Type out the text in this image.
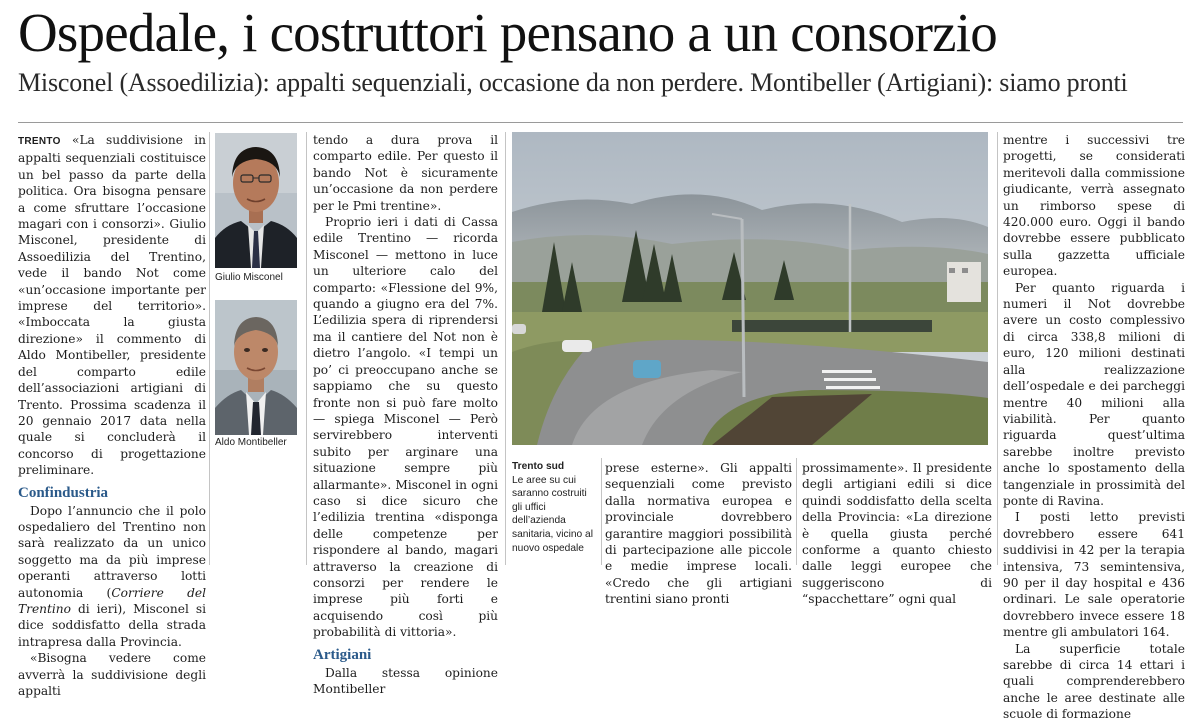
Ospedale, i costruttori pensano a un consorzio
Misconel (Assoedilizia): appalti sequenziali, occasione da non perdere. Montibeller (Artigiani): siamo pronti

TRENTO «La suddivisione in appalti sequenziali costituisce un bel passo da parte della politica. Ora bisogna pensare a come sfruttare l’occasione magari con i consorzi». Giulio Misconel, presidente di Assoedilizia del Trentino, vede il bando Not come «un’occasione importante per imprese del territorio». «Imboccata la giusta direzione» il commento di Aldo Montibeller, presidente del comparto edile dell’associazioni artigiani di Trento. Prossima scadenza il 20 gennaio 2017 data nella quale si concluderà il concorso di progettazione preliminare.

Confindustria

Dopo l’annuncio che il polo ospedaliero del Trentino non sarà realizzato da un unico soggetto ma da più imprese operanti attraverso lotti autonomia (Corriere del Trentino di ieri), Misconel si dice soddisfatto della strada intrapresa dalla Provincia.

«Bisogna vedere come avverrà la suddivisione degli appalti

Giulio Misconel
Aldo Montibeller

tendo a dura prova il comparto edile. Per questo il bando Not è sicuramente un’occasione da non perdere per le Pmi trentine».

Proprio ieri i dati di Cassa edile Trentino — ricorda Misconel — mettono in luce un ulteriore calo del comparto: «Flessione del 9%, quando a giugno era del 7%. L’edilizia spera di riprendersi ma il cantiere del Not non è dietro l’angolo. «I tempi un po’ ci preoccupano anche se sappiamo che su questo fronte non si può fare molto — spiega Misconel — Però servirebbero interventi subito per arginare una situazione sempre più allarmante». Misconel in ogni caso si dice sicuro che l’edilizia trentina «disponga delle competenze per rispondere al bando, magari attraverso la creazione di consorzi per rendere le imprese più forti e acquisendo così più probabilità di vittoria».

Artigiani

Dalla stessa opinione Montibeller

Trento sud
Le aree su cui saranno costruiti gli uffici dell’azienda sanitaria, vicino al nuovo ospedale

prese esterne». Gli appalti sequenziali come previsto dalla normativa europea e provinciale dovrebbero garantire maggiori possibilità di partecipazione alle piccole e medie imprese locali. «Credo che gli artigiani trentini siano pronti

prossimamente». Il presidente degli artigiani edili si dice quindi soddisfatto della scelta della Provincia: «La direzione è quella giusta perché conforme a quanto chiesto dalle leggi europee che suggeriscono di “spacchettare” ogni qual

mentre i successivi tre progetti, se considerati meritevoli dalla commissione giudicante, verrà assegnato un rimborso spese di 420.000 euro. Oggi il bando dovrebbe essere pubblicato sulla gazzetta ufficiale europea.

Per quanto riguarda i numeri il Not dovrebbe avere un costo complessivo di circa 338,8 milioni di euro, 120 milioni destinati alla realizzazione dell’ospedale e dei parcheggi mentre 40 milioni alla viabilità. Per quanto riguarda quest’ultima sarebbe inoltre previsto anche lo spostamento della tangenziale in prossimità del ponte di Ravina.

I posti letto previsti dovrebbero essere 641 suddivisi in 42 per la terapia intensiva, 73 semintensiva, 90 per il day hospital e 436 ordinari. Le sale operatorie dovrebbero invece essere 18 mentre gli ambulatori 164.

La superficie totale sarebbe di circa 14 ettari i quali comprenderebbero anche le aree destinate alle scuole di formazione
